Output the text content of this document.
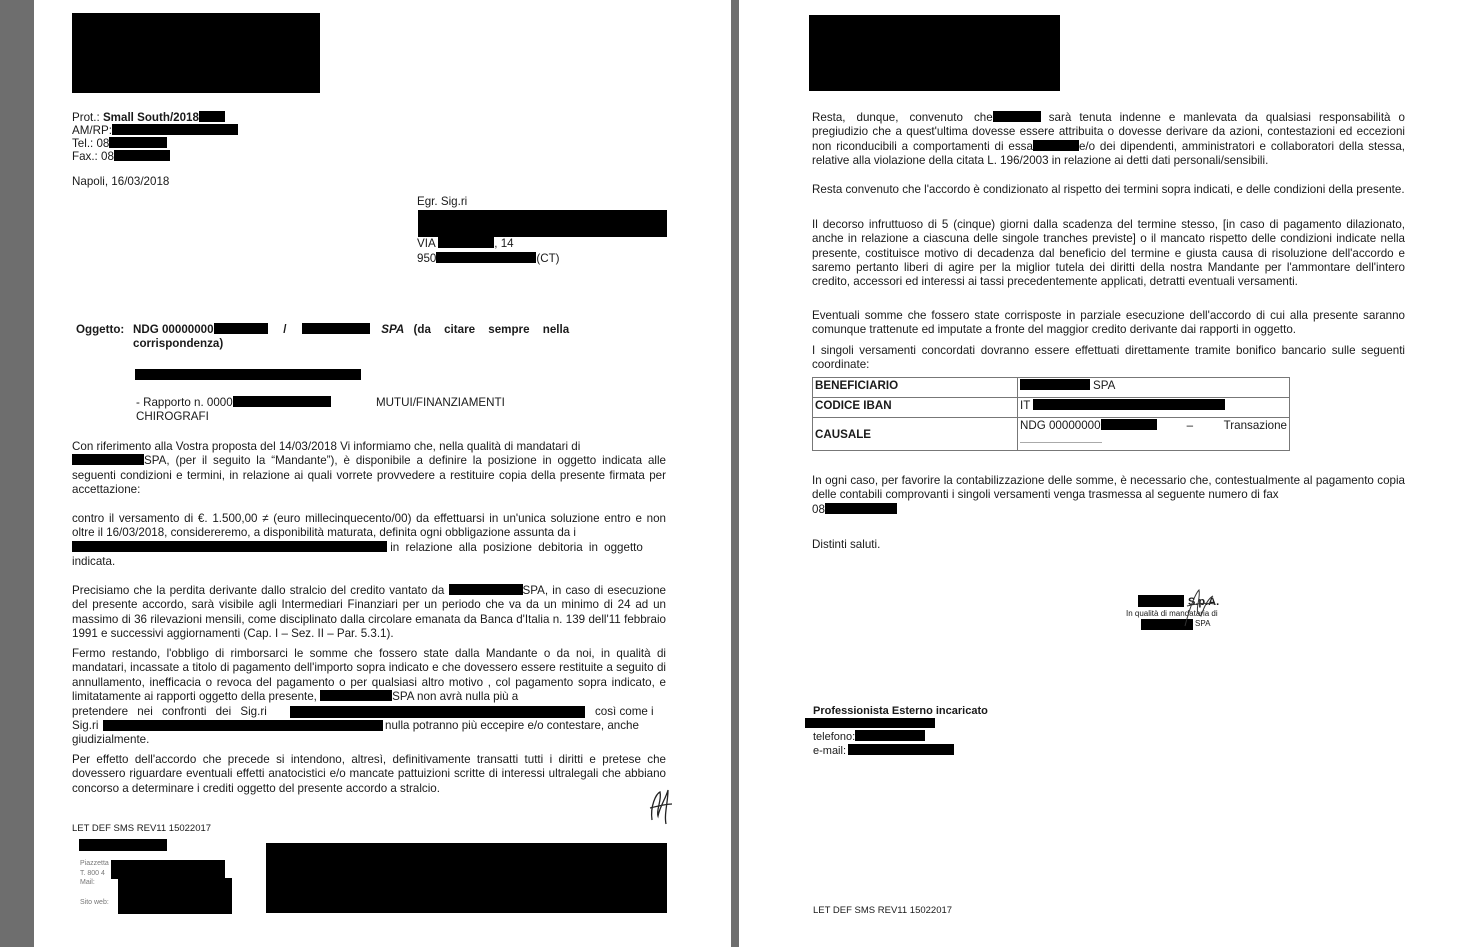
Prot.: Small South/2018
AM/RP:
Tel.: 08
Fax.: 08
Napoli, 16/03/2018
Egr. Sig.ri
VIA	, 14
950	(CT)
Oggetto: NDG 00000000	/	SPA (da citare sempre nella
corrispondenza)
- Rapporto n. 0000	MUTUI/FINANZIAMENTI
CHIROGRAFI
Con riferimento alla Vostra proposta del 14/03/2018 Vi informiamo che, nella qualità di mandatari di
SPA, (per il seguito la “Mandante”), è disponibile a definire la posizione in oggetto indicata alle seguenti condizioni e termini, in relazione ai quali vorrete provvedere a restituire copia della presente firmata per accettazione:
contro il versamento di €. 1.500,00 ≠ (euro millecinquecento/00) da effettuarsi in un'unica soluzione entro e non oltre il 16/03/2018, considereremo, a disponibilità maturata, definita ogni obbligazione assunta da i
in relazione alla posizione debitoria in oggetto
indicata.
Precisiamo che la perdita derivante dallo stralcio del credito vantato da	SPA, in caso di esecuzione del presente accordo, sarà visibile agli Intermediari Finanziari per un periodo che va da un minimo di 24 ad un massimo di 36 rilevazioni mensili, come disciplinato dalla circolare emanata da Banca d'Italia n. 139 dell'11 febbraio 1991 e successivi aggiornamenti (Cap. I – Sez. II – Par. 5.3.1).
Fermo restando, l'obbligo di rimborsarci le somme che fossero state dalla Mandante o da noi, in qualità di mandatari, incassate a titolo di pagamento dell'importo sopra indicato e che dovessero essere restituite a seguito di annullamento, inefficacia o revoca del pagamento o per qualsiasi altro motivo , col pagamento sopra indicato, e limitatamente ai rapporti oggetto della presente,	SPA non avrà nulla più a
pretendere nei confronti dei Sig.ri	così come i
Sig.ri	nulla potranno più eccepire e/o contestare, anche
giudizialmente.
Per effetto dell'accordo che precede si intendono, altresì, definitivamente transatti tutti i diritti e pretese che dovessero riguardare eventuali effetti anatocistici e/o mancate pattuizioni scritte di interessi ultralegali che abbiano concorso a determinare i crediti oggetto del presente accordo a stralcio.
LET DEF SMS REV11 15022017
Piazzetta
T. 800 4
Mail:
Sito web:
Resta, dunque, convenuto che	sarà tenuta indenne e manlevata da qualsiasi responsabilità o pregiudizio che a quest'ultima dovesse essere attribuita o dovesse derivare da azioni, contestazioni ed eccezioni non riconducibili a comportamenti di essa	e/o dei dipendenti, amministratori e collaboratori della stessa, relative alla violazione della citata L. 196/2003 in relazione ai detti dati personali/sensibili.
Resta convenuto che l'accordo è condizionato al rispetto dei termini sopra indicati, e delle condizioni della presente.
Il decorso infruttuoso di 5 (cinque) giorni dalla scadenza del termine stesso, [in caso di pagamento dilazionato, anche in relazione a ciascuna delle singole tranches previste] o il mancato rispetto delle condizioni indicate nella presente, costituisce motivo di decadenza dal beneficio del termine e giusta causa di risoluzione dell'accordo e saremo pertanto liberi di agire per la miglior tutela dei diritti della nostra Mandante per l'ammontare dell'intero credito, accessori ed interessi ai tassi precedentemente applicati, detratti eventuali versamenti.
Eventuali somme che fossero state corrisposte in parziale esecuzione dell'accordo di cui alla presente saranno comunque trattenute ed imputate a fronte del maggior credito derivante dai rapporti in oggetto.
I singoli versamenti concordati dovranno essere effettuati direttamente tramite bonifico bancario sulle seguenti coordinate:
BENEFICIARIO	SPA
CODICE IBAN	IT
CAUSALE	NDG 00000000 – Transazione
In ogni caso, per favorire la contabilizzazione delle somme, è necessario che, contestualmente al pagamento copia delle contabili comprovanti i singoli versamenti venga trasmessa al seguente numero di fax
08
Distinti saluti.
S.p.A.
In qualità di mandataria di
SPA
Professionista Esterno incaricato
telefono:
e-mail:
LET DEF SMS REV11 15022017
